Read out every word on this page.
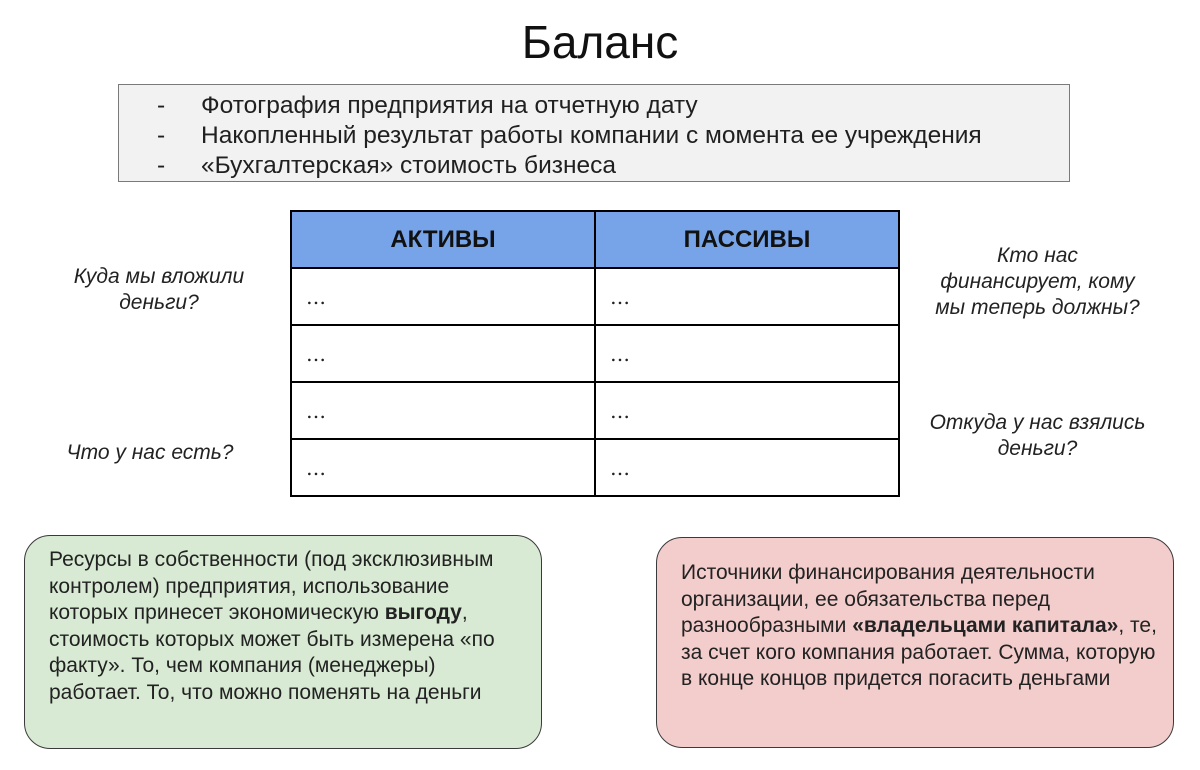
Баланс
- Фотография предприятия на отчетную дату
- Накопленный результат работы компании с момента ее учреждения
- «Бухгалтерская» стоимость бизнеса
АКТИВЫ	ПАССИВЫ
…	…
…	…
…	…
…	…
Куда мы вложили
деньги?
Что у нас есть?
Кто нас
финансирует, кому
мы теперь должны?
Откуда у нас взялись
деньги?
Ресурсы в собственности (под эксклюзивным контролем) предприятия, использование которых принесет экономическую выгоду, стоимость которых может быть измерена «по факту». То, чем компания (менеджеры) работает. То, что можно поменять на деньги
Источники финансирования деятельности организации, ее обязательства перед разнообразными «владельцами капитала», те, за счет кого компания работает. Сумма, которую в конце концов придется погасить деньгами
